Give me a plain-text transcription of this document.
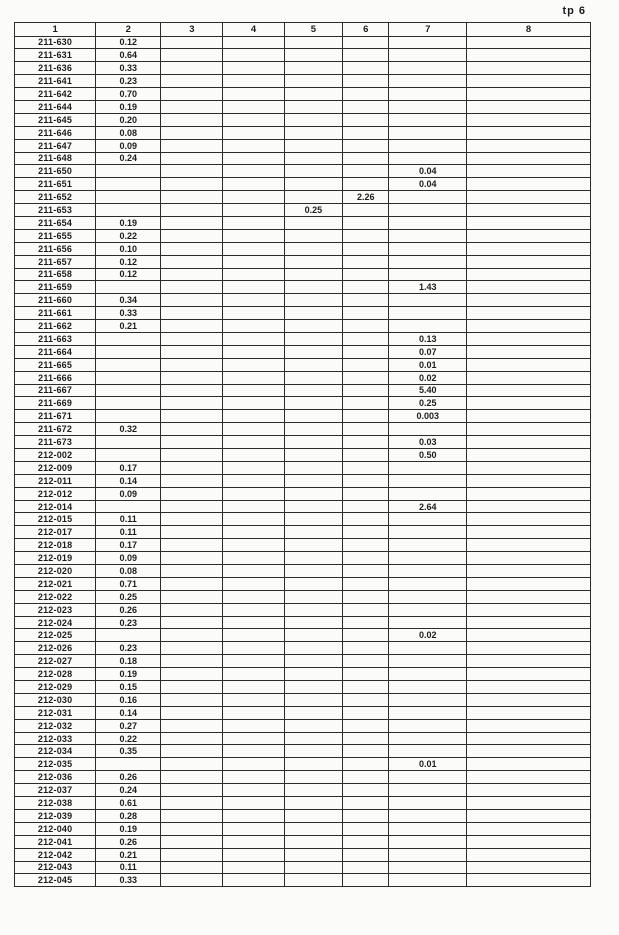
tp 6
1	2	3	4	5	6	7	8
211-630	0.12						
211-631	0.64						
211-636	0.33						
211-641	0.23						
211-642	0.70						
211-644	0.19						
211-645	0.20						
211-646	0.08						
211-647	0.09						
211-648	0.24						
211-650						0.04	
211-651						0.04	
211-652					2.26		
211-653				0.25			
211-654	0.19						
211-655	0.22						
211-656	0.10						
211-657	0.12						
211-658	0.12						
211-659						1.43	
211-660	0.34						
211-661	0.33						
211-662	0.21						
211-663						0.13	
211-664						0.07	
211-665						0.01	
211-666						0.02	
211-667						5.40	
211-669						0.25	
211-671						0.003	
211-672	0.32						
211-673						0.03	
212-002						0.50	
212-009	0.17						
212-011	0.14						
212-012	0.09						
212-014						2.64	
212-015	0.11						
212-017	0.11						
212-018	0.17						
212-019	0.09						
212-020	0.08						
212-021	0.71						
212-022	0.25						
212-023	0.26						
212-024	0.23						
212-025						0.02	
212-026	0.23						
212-027	0.18						
212-028	0.19						
212-029	0.15						
212-030	0.16						
212-031	0.14						
212-032	0.27						
212-033	0.22						
212-034	0.35						
212-035						0.01	
212-036	0.26						
212-037	0.24						
212-038	0.61						
212-039	0.28						
212-040	0.19						
212-041	0.26						
212-042	0.21						
212-043	0.11						
212-045	0.33						
